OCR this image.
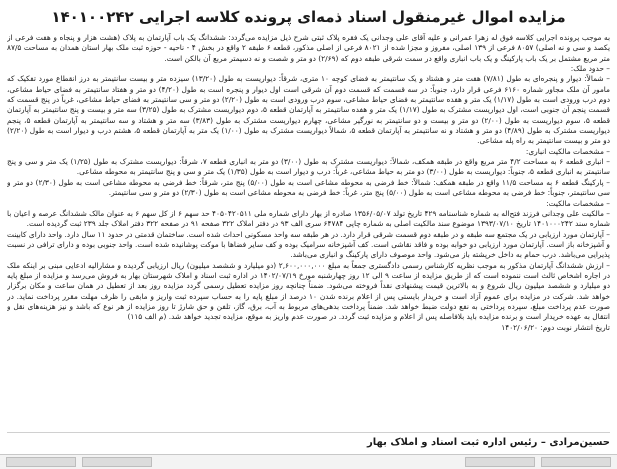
مزایده اموال غیرمنقول اسناد ذمه‌ای پرونده کلاسه اجرایی ۱۴۰۱۰۰۲۴۲

به موجب پرونده اجرایی کلاسه فوق له زهرا عمرانی و علیه آقای علی وجدانی یک فقره پلاک ثبتی شرح ذیل مزایده می‌گردد: ششدانگ یک باب آپارتمان به پلاک (هشت هزار و پنجاه و هفت فرعی از یکصد و سی و نه اصلی) ۸۰۵۷ فرعی از ۱۳۹ اصلی، مفروز و مجزا شده از ۸۰۲۱ فرعی از اصلی مذکور، قطعه ۶ طبقه ۲ واقع در بخش ۴ - ناحیه - حوزه ثبت ملک بهار استان همدان به مساحت ۸۷/۵ متر مربع مشتمل بر یک باب پارکینگ و یک باب انباری واقع در سمت شرقی طبقه دوم که (۲/۶۹) دو متر و شصت و نه دسیمتر مربع آن بالکن است.

– حدود ملک:

– شمالاً: دیوار و پنجره‌ای به طول (۷/۸۱) هفت متر و هشتاد و یک سانتیمتر به فضای کوچه ۱۰ متری، شرقاً: دیواریست به طول (۱۳/۲۰) سیزده متر و بیست سانتیمتر به درز انقطاع مورد تفکیک که مامور آن ملک مجاور شماره ۶۱۶۰ فرعی قرار دارد، جنوباً: در سه قسمت که قسمت دوم آن شرقی است اول دیوار و پنجره است به طول (۴/۲۰) دو متر و هفتاد سانتیمتر به فضای حیاط مشاعی، دوم درب ورودی است به طول (۱/۱۷) یک متر و هفده سانتیمتر به فضای حیاط مشاعی، سوم درب ورودی است به طول (۲/۲۰) دو متر و سی سانتیمتر به فضای حیاط مشاعی، غرباً در پنج قسمت که قسمت پنجم آن جنوبی است، اول دیواریست مشترک به طول (۱/۱۷) یک متر و هفده سانتیمتر به آپارتمان قطعه ۵، دوم دیواریست مشترک به طول (۳/۲۵) سه متر و بیست و پنج سانتیمتر به آپارتمان قطعه ۵، سوم دیواریست به طول (۲/۰۰) دو متر و بیست و دو سانتیمتر به نورگیر مشاعی، چهارم دیواریست مشترک به طول (۳/۸۳) سه متر و هشتاد و سه سانتیمتر به آپارتمان قطعه ۵، پنجم دیواریست مشترک به طول (۴/۸۹) دو متر و هشتاد و نه سانتیمتر به آپارتمان قطعه ۵، شمالاً دیواریست مشترک به طول (۱/۰۰) یک متر به آپارتمان قطعه ۵، هشتم درب و دیوار است به طول (۲/۲۰) دو متر و بیست سانتیمتر به راه پله مشاعی.

– مشخصات مالکیت انباری:

– انباری قطعه ۶ به مساحت ۴/۲ متر مربع واقع در طبقه همکف، شمالاً: دیواریست مشترک به طول (۳/۰۰) دو متر به انباری قطعه ۷، شرقاً: دیواریست مشترک به طول (۱/۲۵) یک متر و سی و پنج سانتیمتر به انباری قطعه ۵، جنوباً: دیواریست به طول (۳/۰۰) دو متر به حیاط مشاعی، غرباً: درب و دیوار است به طول (۱/۳۵) یک متر و سی و پنج سانتیمتر به محوطه مشاعی.

– پارکینگ قطعه ۶ به مساحت ۱۱/۵ واقع در طبقه همکف: شمالاً: خط فرضی به محوطه مشاعی است به طول (۵/۰۰) پنج متر، شرقاً: خط فرضی به محوطه مشاعی است به طول (۲/۳۰) دو متر و سی سانتیمتر، جنوباً: خط فرضی به محوطه مشاعی است به طول (۵/۰۰) پنج متر، غرباً: خط فرضی به محوطه مشاعی است به طول (۲/۳۰) دو متر و سی سانتیمتر.

– مشخصات مالکیت:

– مالکیت علی وجدانی فرزند فتح‌اله به شماره شناسنامه ۴۲۹ تاریخ تولد ۱۳۵۶/۰۵/۰۷ صادره از بهار دارای شماره ملی ۴۰۵۰۴۲۰۵۱۱ حد سهم ۶ از کل سهم ۶ به عنوان مالک ششدانگ عرصه و اعیان با شماره سند ۱۴۰۱۰۰۰۲۴۲ تاریخ ۱۳۹۳/۰۷/۱۰ موضوع سند مالکیت اصلی به شماره چاپی ۶۴۷۸۴ سری الف ۹۳ در دفتر املاک ۳۲۲ صفحه ۹۱ در صفحه ۳۲۲ دفتر املاک جلد ۲۳۹ ثبت گردیده است.

– آپارتمان مورد ارزیابی در یک مجتمع سه طبقه و در طبقه دوم قسمت شرقی قرار دارد. در هر طبقه سه واحد مسکونی احداث شده است. ساختمان قدمتی در حدود ۱۱ سال دارد. واحد دارای کابینت و آشپزخانه باز است. آپارتمان مورد ارزیابی دو خوابه بوده و فاقد نقاشی است. کف آشپزخانه سرامیک بوده و کف سایر فضاها با موکت پوشانیده شده است. واحد جنوبی بوده و دارای ترافی در نسبت پذیرایی می‌باشد. درب حمام به داخل خرپشته باز می‌شود. واحد موصوف دارای پارکینگ و انباری می‌باشد.

– ارزش ششدانگ آپارتمان مذکور به موجب نظریه کارشناس رسمی دادگستری جمعاً به مبلغ ۲,۶۰۰,۰۰۰,۰۰۰ (دو میلیارد و ششصد میلیون) ریال ارزیابی گردیده و مشارالیه ادعایی مبنی بر اینکه ملک در اجاره اشخاص ثالث است ننموده است که از طریق مزایده از ساعت ۹ الی ۱۲ روز چهارشنبه مورخ ۱۴۰۲/۰۷/۱۹ در اداره ثبت اسناد و املاک شهرستان بهار به فروش می‌رسد و مزایده از مبلغ پایه دو میلیارد و ششصد میلیون ریال شروع و به بالاترین قیمت پیشنهادی نقداً فروخته می‌شود. ضمناً چنانچه روز مزایده تعطیل رسمی گردد مزایده روز بعد از تعطیل در همان ساعت و مکان برگزار خواهد شد. شرکت در مزایده برای عموم آزاد است و خریدار بایستی پس از اعلام برنده شدن ۱۰ درصد از مبلغ پایه را به حساب سپرده ثبت واریز و مابقی را ظرف مهلت مقرر پرداخت نماید. در صورت عدم پرداخت مبلغ، سپرده پرداختی به نفع دولت ضبط خواهد شد. ضمناً پرداخت بدهی‌های مربوط به آب، برق، گاز، تلفن و حق شارژ تا روز مزایده از هر نوع که باشد و نیز هزینه‌های نقل و انتقال به عهده خریدار است و برنده مزایده باید بلافاصله پس از اعلام و مزایده ثبت گردد. در صورت عدم واریز به موقع، مزایده تجدید خواهد شد. (م الف ۱۱۵)

تاریخ انتشار نوبت دوم: ۱۴۰۲/۰۶/۲۰

حسین‌مرادی – رئیس اداره ثبت اسناد و املاک بهار
